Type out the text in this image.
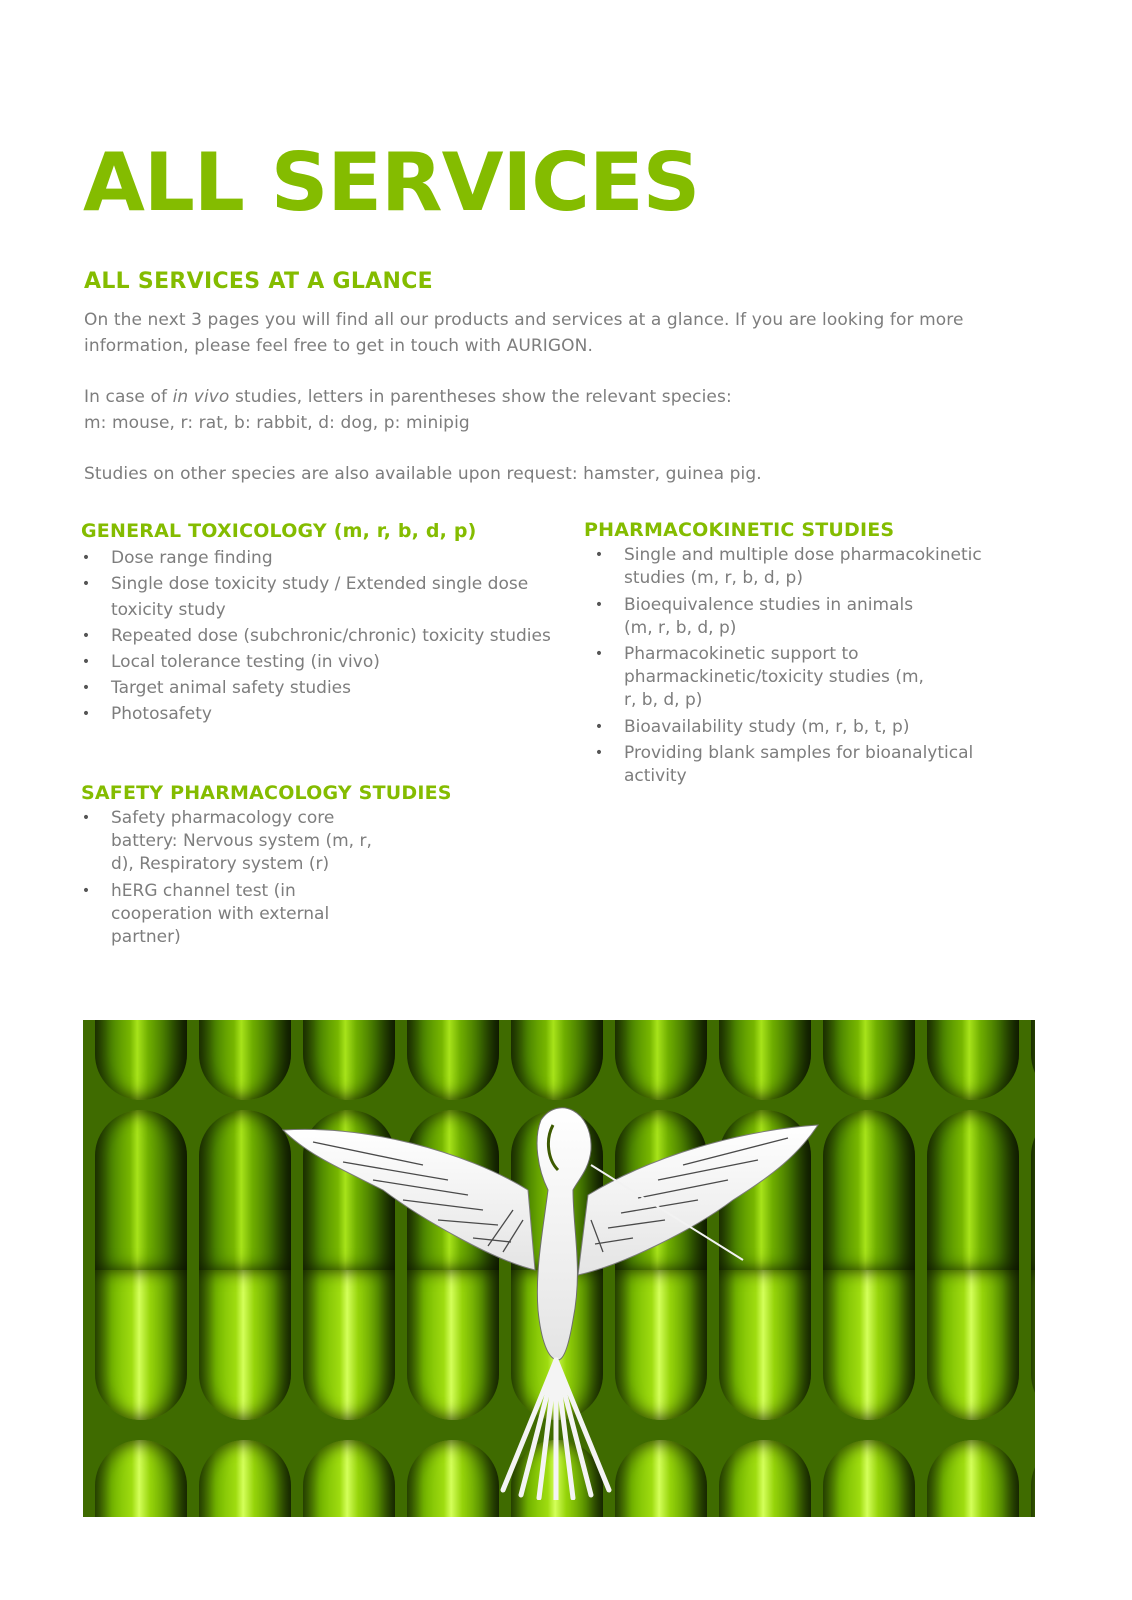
ALL SERVICES
ALL SERVICES AT A GLANCE

On the next 3 pages you will find all our products and services at a glance. If you are looking for more information, please feel free to get in touch with AURIGON.

In case of in vivo studies, letters in parentheses show the relevant species: m: mouse, r: rat, b: rabbit, d: dog, p: minipig

Studies on other species are also available upon request: hamster, guinea pig.

GENERAL TOXICOLOGY (m, r, b, d, p)
• Dose range finding
• Single dose toxicity study / Extended single dose toxicity study
• Repeated dose (subchronic/chronic) toxicity studies
• Local tolerance testing (in vivo)
• Target animal safety studies
• Photosafety
SAFETY PHARMACOLOGY STUDIES
• Safety pharmacology core battery: Nervous system (m, r, d), Respiratory system (r)
• hERG channel test (in cooperation with external partner)
PHARMACOKINETIC STUDIES
• Single and multiple dose pharmacokinetic studies (m, r, b, d, p)
• Bioequivalence studies in animals (m, r, b, d, p)
• Pharmacokinetic support to pharmackinetic/toxicity studies (m, r, b, d, p)
• Bioavailability study (m, r, b, t, p)
• Providing blank samples for bioanalytical activity
